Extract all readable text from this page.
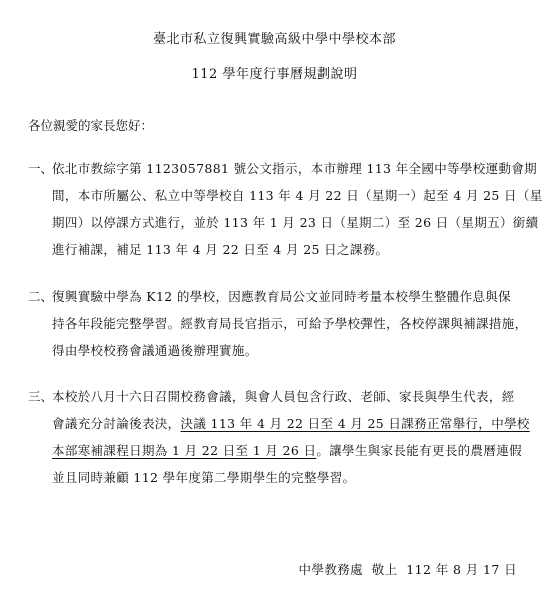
臺北市私立復興實驗高級中學中學校本部
112 學年度行事曆規劃說明
各位親愛的家長您好：
一、
依北市教綜字第 1123057881 號公文指示，本市辦理 113 年全國中等學校運動會期
間，本市所屬公、私立中等學校自 113 年 4 月 22 日（星期一）起至 4 月 25 日（星
期四）以停課方式進行，並於 113 年 1 月 23 日（星期二）至 26 日（星期五）銜續
進行補課，補足 113 年 4 月 22 日至 4 月 25 日之課務。
二、
復興實驗中學為 K12 的學校，因應教育局公文並同時考量本校學生整體作息與保
持各年段能完整學習。經教育局長官指示，可給予學校彈性，各校停課與補課措施，
得由學校校務會議通過後辦理實施。
三、
本校於八月十六日召開校務會議，與會人員包含行政、老師、家長與學生代表，經
會議充分討論後表決，決議 113 年 4 月 22 日至 4 月 25 日課務正常舉行，中學校
本部寒補課程日期為 1 月 22 日至 1 月 26 日。讓學生與家長能有更長的農曆連假
並且同時兼顧 112 學年度第二學期學生的完整學習。
中學教務處  敬上  112 年 8 月 17 日
